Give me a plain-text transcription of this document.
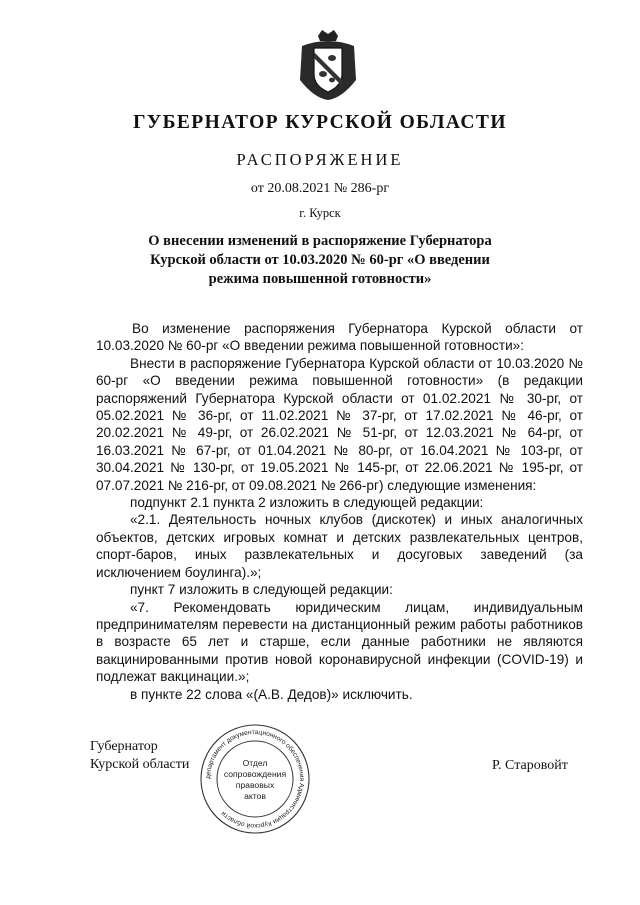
ГУБЕРНАТОР КУРСКОЙ ОБЛАСТИ
РАСПОРЯЖЕНИЕ
от 20.08.2021 № 286-рг
г. Курск
О внесении изменений в распоряжение Губернатора
Курской области от 10.03.2020 № 60-рг «О введении
режима повышенной готовности»

Во изменение распоряжения Губернатора Курской области от 10.03.2020 № 60-рг «О введении режима повышенной готовности»:

Внести в распоряжение Губернатора Курской области от 10.03.2020 № 60-рг «О введении режима повышенной готовности» (в редакции распоряжений Губернатора Курской области от 01.02.2021 № 30-рг, от 05.02.2021 № 36-рг, от 11.02.2021 № 37-рг, от 17.02.2021 № 46-рг, от 20.02.2021 № 49-рг, от 26.02.2021 № 51-рг, от 12.03.2021 № 64-рг, от 16.03.2021 № 67-рг, от 01.04.2021 № 80-рг, от 16.04.2021 № 103-рг, от 30.04.2021 № 130-рг, от 19.05.2021 № 145-рг, от 22.06.2021 № 195-рг, от 07.07.2021 № 216-рг, от 09.08.2021 № 266-рг) следующие изменения:

подпункт 2.1 пункта 2 изложить в следующей редакции:

«2.1. Деятельность ночных клубов (дискотек) и иных аналогичных объектов, детских игровых комнат и детских развлекательных центров, спорт-баров, иных развлекательных и досуговых заведений (за исключением боулинга).»;

пункт 7 изложить в следующей редакции:

«7. Рекомендовать юридическим лицам, индивидуальным предпринимателям перевести на дистанционный режим работы работников в возрасте 65 лет и старше, если данные работники не являются вакцинированными против новой коронавирусной инфекции (COVID-19) и подлежат вакцинации.»;

в пункте 22 слова «(А.В. Дедов)» исключить.

Губернатор
Курской области
департамент документационного обеспечения Администрации Курской области
Отдел
сопровождения
правовых
актов
Р. Старовойт
